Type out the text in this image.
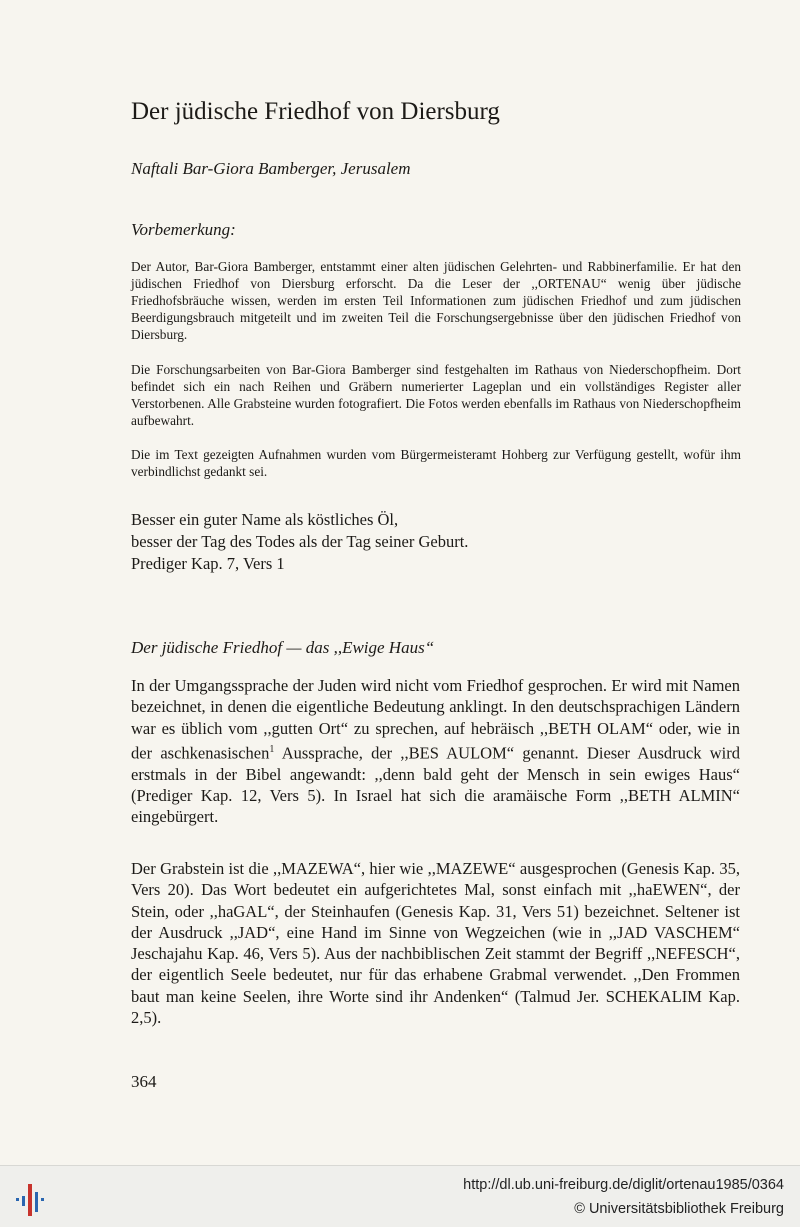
Der jüdische Friedhof von Diersburg
Naftali Bar-Giora Bamberger, Jerusalem
Vorbemerkung:

Der Autor, Bar-Giora Bamberger, entstammt einer alten jüdischen Gelehrten- und Rabbinerfamilie. Er hat den jüdischen Friedhof von Diersburg erforscht. Da die Leser der ,,ORTENAU“ wenig über jüdische Friedhofsbräuche wissen, werden im ersten Teil Informationen zum jüdischen Friedhof und zum jüdischen Beerdigungsbrauch mitgeteilt und im zweiten Teil die Forschungsergebnisse über den jüdischen Friedhof von Diersburg.

Die Forschungsarbeiten von Bar-Giora Bamberger sind festgehalten im Rathaus von Niederschopfheim. Dort befindet sich ein nach Reihen und Gräbern numerierter Lageplan und ein vollständiges Register aller Verstorbenen. Alle Grabsteine wurden fotografiert. Die Fotos werden ebenfalls im Rathaus von Niederschopfheim aufbewahrt.

Die im Text gezeigten Aufnahmen wurden vom Bürgermeisteramt Hohberg zur Verfügung gestellt, wofür ihm verbindlichst gedankt sei.

Besser ein guter Name als köstliches Öl,
besser der Tag des Todes als der Tag seiner Geburt.
Prediger Kap. 7, Vers 1
Der jüdische Friedhof — das ,,Ewige Haus“

In der Umgangssprache der Juden wird nicht vom Friedhof gesprochen. Er wird mit Namen bezeichnet, in denen die eigentliche Bedeutung anklingt. In den deutschsprachigen Ländern war es üblich vom ,,gutten Ort“ zu sprechen, auf hebräisch ,,BETH OLAM“ oder, wie in der aschkenasischen$^1$ Aussprache, der ,,BES AULOM“ genannt. Dieser Ausdruck wird erstmals in der Bibel angewandt: ,,denn bald geht der Mensch in sein ewiges Haus“ (Prediger Kap. 12, Vers 5). In Israel hat sich die aramäische Form ,,BETH ALMIN“ eingebürgert.

Der Grabstein ist die ,,MAZEWA“, hier wie ,,MAZEWE“ ausgesprochen (Genesis Kap. 35, Vers 20). Das Wort bedeutet ein aufgerichtetes Mal, sonst einfach mit ,,haEWEN“, der Stein, oder ,,haGAL“, der Steinhaufen (Genesis Kap. 31, Vers 51) bezeichnet. Seltener ist der Ausdruck ,,JAD“, eine Hand im Sinne von Wegzeichen (wie in ,,JAD VASCHEM“ Jeschajahu Kap. 46, Vers 5). Aus der nachbiblischen Zeit stammt der Begriff ,,NEFESCH“, der eigentlich Seele bedeutet, nur für das erhabene Grabmal verwendet. ,,Den Frommen baut man keine Seelen, ihre Worte sind ihr Andenken“ (Talmud Jer. SCHEKALIM Kap. 2,5).

364
http://dl.ub.uni-freiburg.de/diglit/ortenau1985/0364
© Universitätsbibliothek Freiburg
